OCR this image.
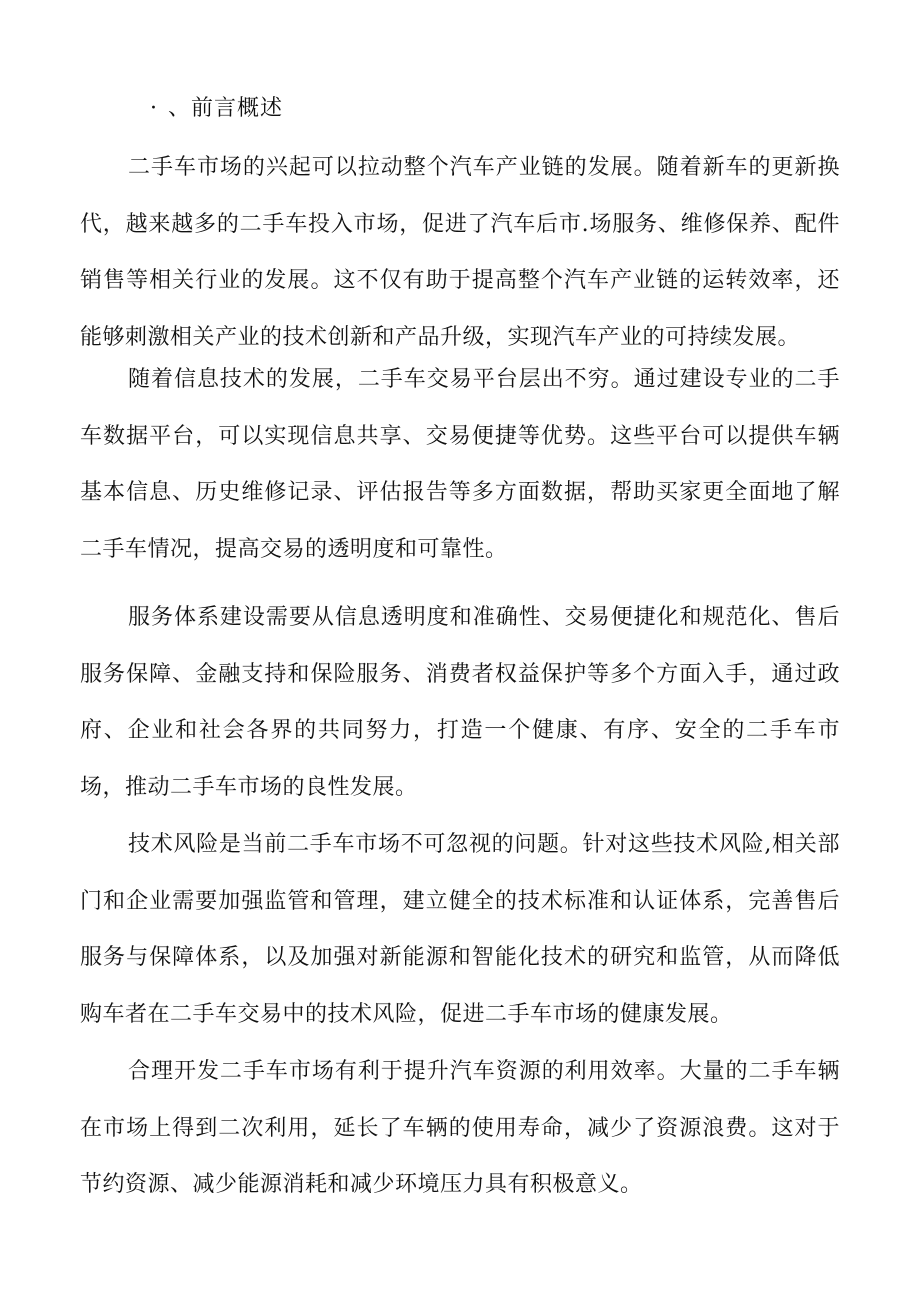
· 、前言概述

二手车市场的兴起可以拉动整个汽车产业链的发展。随着新车的更新换代，越来越多的二手车投入市场，促进了汽车后市.场服务、维修保养、配件销售等相关行业的发展。这不仅有助于提高整个汽车产业链的运转效率，还能够刺激相关产业的技术创新和产品升级，实现汽车产业的可持续发展。

随着信息技术的发展，二手车交易平台层出不穷。通过建设专业的二手车数据平台，可以实现信息共享、交易便捷等优势。这些平台可以提供车辆基本信息、历史维修记录、评估报告等多方面数据，帮助买家更全面地了解二手车情况，提高交易的透明度和可靠性。

服务体系建设需要从信息透明度和准确性、交易便捷化和规范化、售后服务保障、金融支持和保险服务、消费者权益保护等多个方面入手，通过政府、企业和社会各界的共同努力，打造一个健康、有序、安全的二手车市场，推动二手车市场的良性发展。

技术风险是当前二手车市场不可忽视的问题。针对这些技术风险,相关部门和企业需要加强监管和管理，建立健全的技术标准和认证体系，完善售后服务与保障体系，以及加强对新能源和智能化技术的研究和监管，从而降低购车者在二手车交易中的技术风险，促进二手车市场的健康发展。

合理开发二手车市场有利于提升汽车资源的利用效率。大量的二手车辆在市场上得到二次利用，延长了车辆的使用寿命，减少了资源浪费。这对于节约资源、减少能源消耗和减少环境压力具有积极意义。
